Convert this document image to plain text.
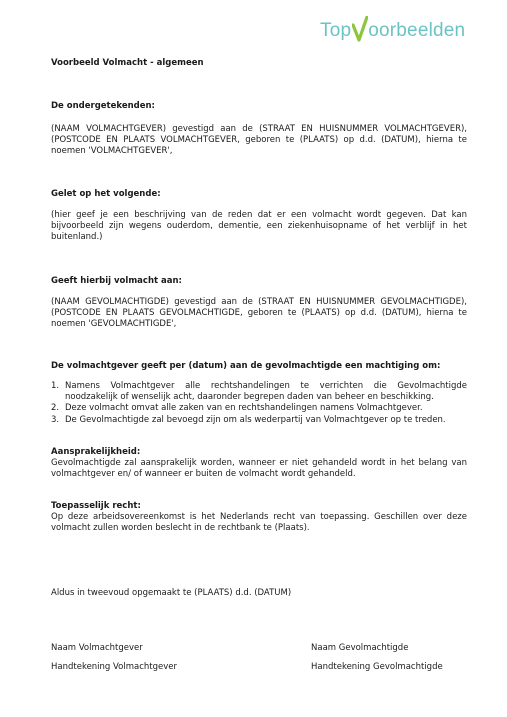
Top oorbeelden
Voorbeeld Volmacht - algemeen
De ondergetekenden:
(NAAM VOLMACHTGEVER) gevestigd aan de (STRAAT EN HUISNUMMER VOLMACHTGEVER), (POSTCODE EN PLAATS VOLMACHTGEVER, geboren te (PLAATS) op d.d. (DATUM), hierna te noemen 'VOLMACHTGEVER',
Gelet op het volgende:
(hier geef je een beschrijving van de reden dat er een volmacht wordt gegeven. Dat kan bijvoorbeeld zijn wegens ouderdom, dementie, een ziekenhuisopname of het verblijf in het buitenland.)
Geeft hierbij volmacht aan:
(NAAM GEVOLMACHTIGDE) gevestigd aan de (STRAAT EN HUISNUMMER GEVOLMACHTIGDE), (POSTCODE EN PLAATS GEVOLMACHTIGDE, geboren te (PLAATS) op d.d. (DATUM), hierna te noemen 'GEVOLMACHTIGDE',
De volmachtgever geeft per (datum) aan de gevolmachtigde een machtiging om:
1. Namens Volmachtgever alle rechtshandelingen te verrichten die Gevolmachtigde noodzakelijk of wenselijk acht, daaronder begrepen daden van beheer en beschikking.
2. Deze volmacht omvat alle zaken van en rechtshandelingen namens Volmachtgever.
3. De Gevolmachtigde zal bevoegd zijn om als wederpartij van Volmachtgever op te treden.
Aansprakelijkheid:
Gevolmachtigde zal aansprakelijk worden, wanneer er niet gehandeld wordt in het belang van volmachtgever en/ of wanneer er buiten de volmacht wordt gehandeld.
Toepasselijk recht:
Op deze arbeidsovereenkomst is het Nederlands recht van toepassing. Geschillen over deze volmacht zullen worden beslecht in de rechtbank te (Plaats).
Aldus in tweevoud opgemaakt te (PLAATS) d.d. (DATUM)
Naam Volmachtgever	Naam Gevolmachtigde
Handtekening Volmachtgever	Handtekening Gevolmachtigde
